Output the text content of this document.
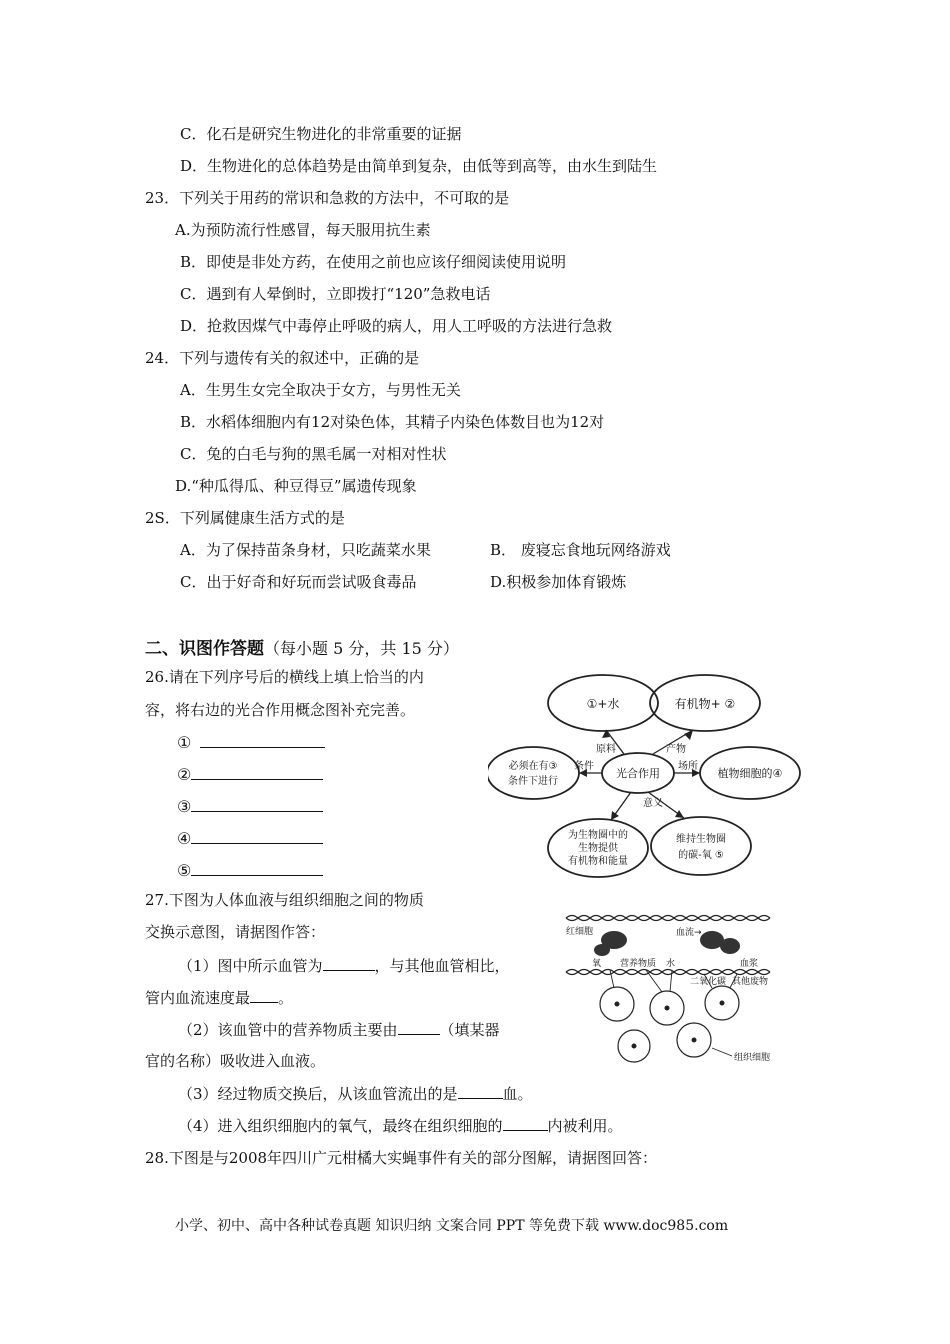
C．化石是研究生物进化的非常重要的证据
D．生物进化的总体趋势是由简单到复杂，由低等到高等，由水生到陆生
23．下列关于用药的常识和急救的方法中，不可取的是
A.为预防流行性感冒，每天服用抗生素
B．即使是非处方药，在使用之前也应该仔细阅读使用说明
C．遇到有人晕倒时，立即拨打“120”急救电话
D．抢救因煤气中毒停止呼吸的病人，用人工呼吸的方法进行急救
24．下列与遗传有关的叙述中，正确的是
A．生男生女完全取决于女方，与男性无关
B．水稻体细胞内有12对染色体，其精子内染色体数目也为12对
C．兔的白毛与狗的黑毛属一对相对性状
D.“种瓜得瓜、种豆得豆”属遗传现象
2S．下列属健康生活方式的是
A．为了保持苗条身材，只吃蔬菜水果	B． 废寝忘食地玩网络游戏
C．出于好奇和好玩而尝试吸食毒品	D.积极参加体育锻炼
二、识图作答题（每小题 5 分，共 15 分）
26.请在下列序号后的横线上填上恰当的内
容，将右边的光合作用概念图补充完善。
①
②
③
④
⑤
①+水	有机物+ ②
光合作用
必须在有③
条件下进行
植物细胞的④
为生物圈中的
生物提供
有机物和能量
维持生物圈
的碳-氧 ⑤
原料	产物
条件	场所
意义
27.下图为人体血液与组织细胞之间的物质
交换示意图，请据图作答：
（1）图中所示血管为	，与其他血管相比，
管内血流速度最 。
（2）该血管中的营养物质主要由	（填某器
官的名称）吸收进入血液。
（3）经过物质交换后，从该血管流出的是	血。
（4）进入组织细胞内的氧气，最终在组织细胞的	内被利用。
红细胞	血流→
营养物质 水
氧	血浆
二氧化碳 其他废物
组织细胞
28.下图是与2008年四川广元柑橘大实蝇事件有关的部分图解，请据图回答：
小学、初中、高中各种试卷真题 知识归纳 文案合同 PPT 等免费下载 www.doc985.com
